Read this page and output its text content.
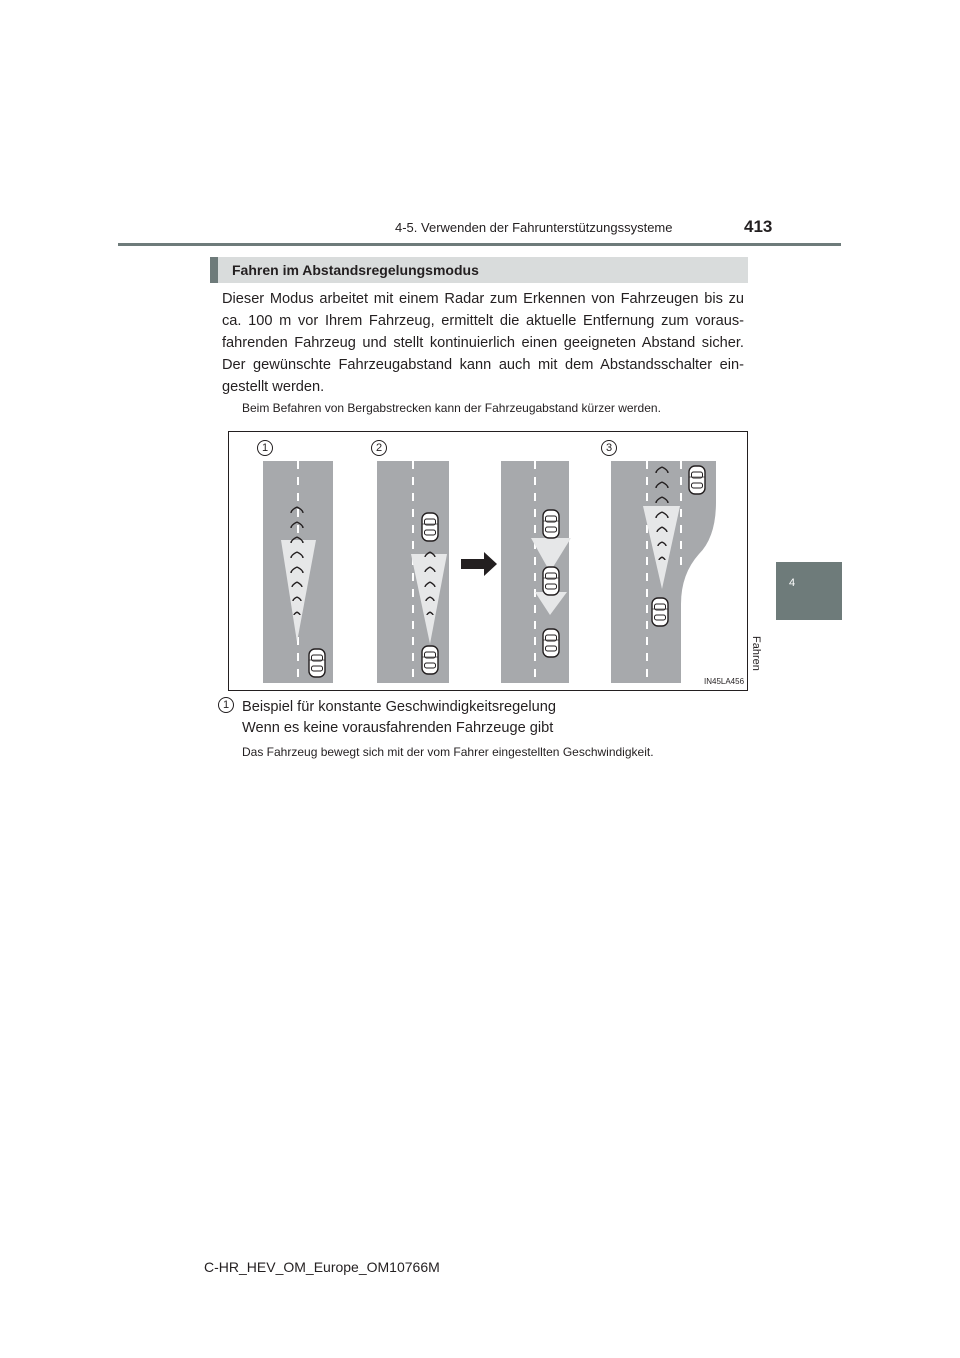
4-5. Verwenden der Fahrunterstützungssysteme	413
4
Fahren
Fahren im Abstandsregelungsmodus
Dieser Modus arbeitet mit einem Radar zum Erkennen von Fahrzeugen bis zu ca. 100 m vor Ihrem Fahrzeug, ermittelt die aktuelle Entfernung zum vorausfahrenden Fahrzeug und stellt kontinuierlich einen geeigneten Abstand sicher. Der gewünschte Fahrzeugabstand kann auch mit dem Abstandsschalter eingestellt werden.
Beim Befahren von Bergabstrecken kann der Fahrzeugabstand kürzer werden.
1	2	3
IN45LA456
1 Beispiel für konstante Geschwindigkeitsregelung
Wenn es keine vorausfahrenden Fahrzeuge gibt
Das Fahrzeug bewegt sich mit der vom Fahrer eingestellten Geschwindigkeit.
C-HR_HEV_OM_Europe_OM10766M
